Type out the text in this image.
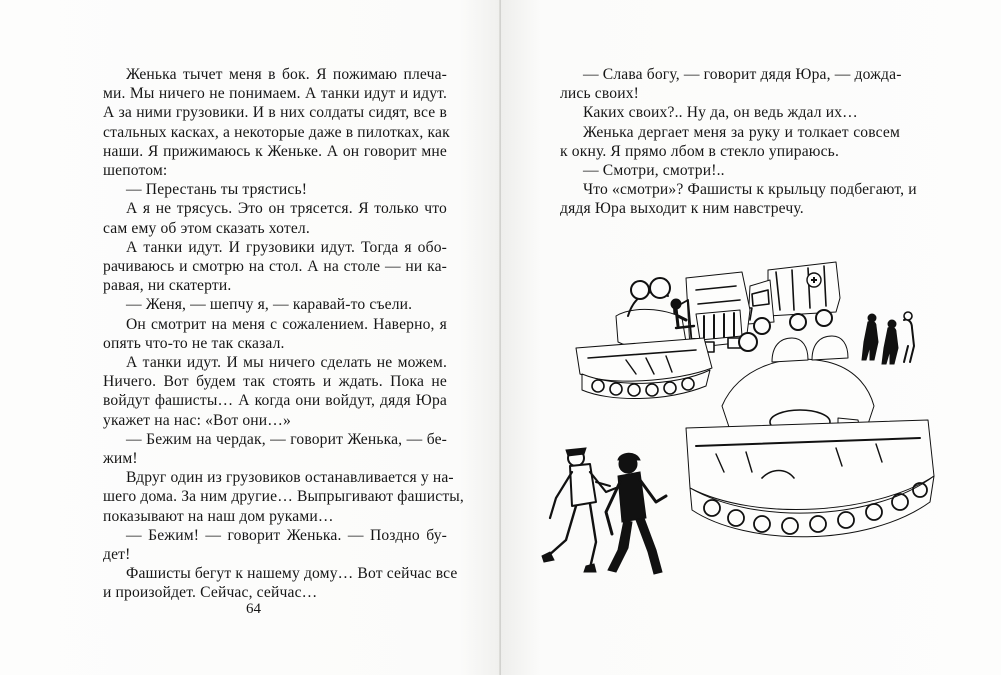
Женька тычет меня в бок. Я пожимаю плеча-

ми. Мы ничего не понимаем. А танки идут и идут.

А за ними грузовики. И в них солдаты сидят, все в

стальных касках, а некоторые даже в пилотках, как

наши. Я прижимаюсь к Женьке. А он говорит мне

шепотом:

— Перестань ты трястись!

А я не трясусь. Это он трясется. Я только что

сам ему об этом сказать хотел.

А танки идут. И грузовики идут. Тогда я обо-

рачиваюсь и смотрю на стол. А на столе — ни ка-

равая, ни скатерти.

— Женя, — шепчу я, — каравай-то съели.

Он смотрит на меня с сожалением. Наверно, я

опять что-то не так сказал.

А танки идут. И мы ничего сделать не можем.

Ничего. Вот будем так стоять и ждать. Пока не

войдут фашисты… А когда они войдут, дядя Юра

укажет на нас: «Вот они…»

— Бежим на чердак, — говорит Женька, — бе-

жим!

Вдруг один из грузовиков останавливается у на-

шего дома. За ним другие… Выпрыгивают фашисты,

показывают на наш дом руками…

— Бежим! — говорит Женька. — Поздно бу-

дет!

Фашисты бегут к нашему дому… Вот сейчас все

и произойдет. Сейчас, сейчас…

64

— Слава богу, — говорит дядя Юра, — дожда-

лись своих!

Каких своих?.. Ну да, он ведь ждал их…

Женька дергает меня за руку и толкает совсем

к окну. Я прямо лбом в стекло упираюсь.

— Смотри, смотри!..

Что «смотри»? Фашисты к крыльцу подбегают, и

дядя Юра выходит к ним навстречу.
